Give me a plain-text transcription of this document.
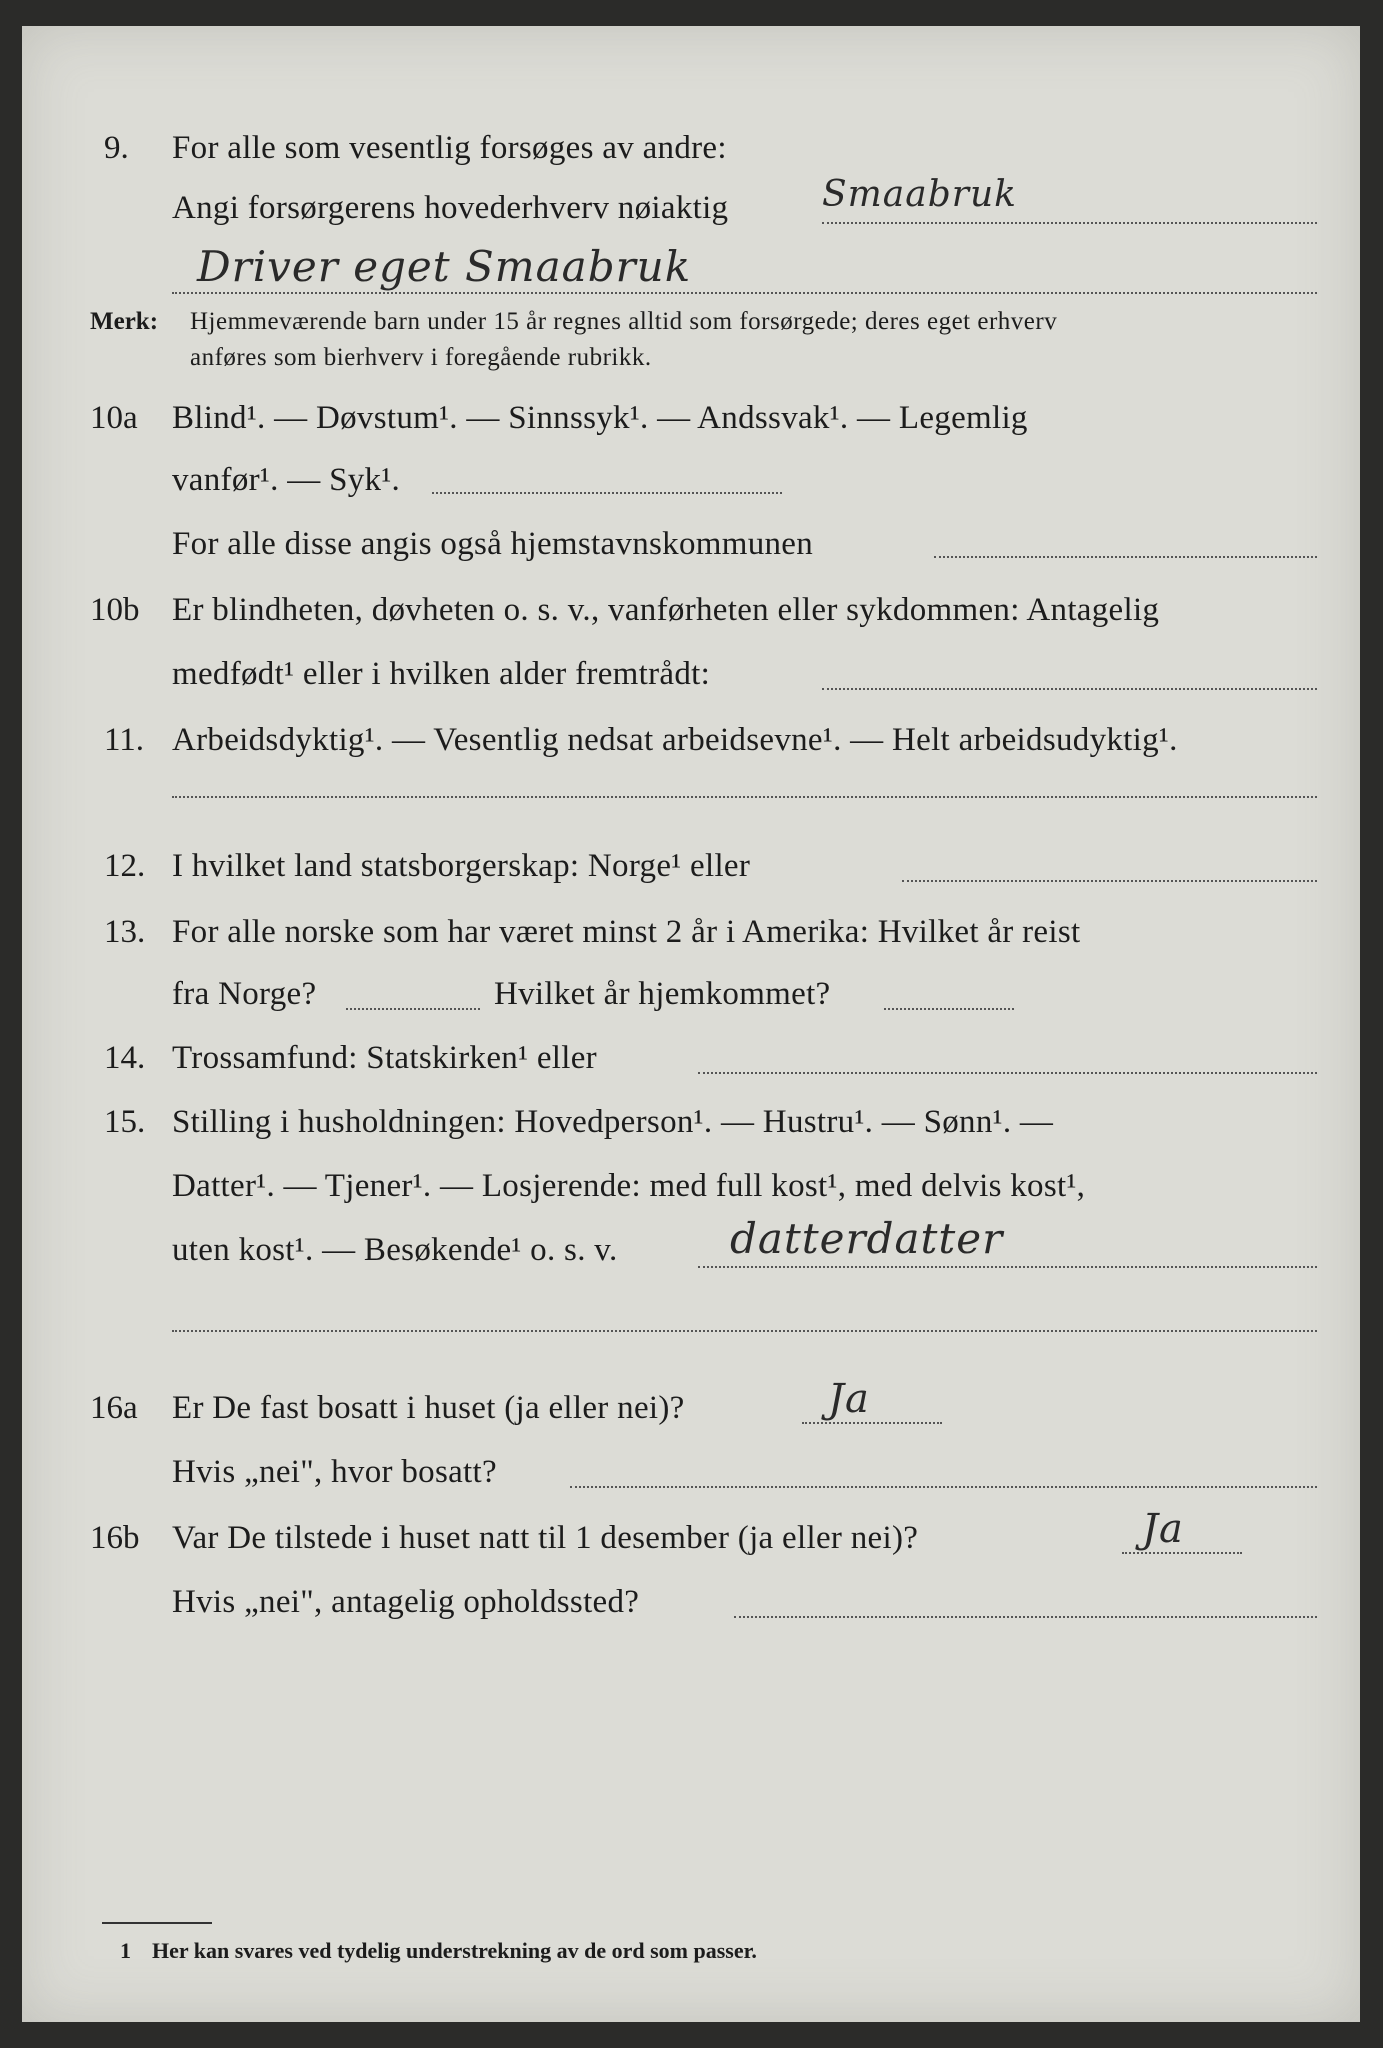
9. For alle som vesentlig forsøges av andre:
Angi forsørgerens hovederhverv nøiaktig	Smaabruk
Driver eget Smaabruk
Merk: Hjemmeværende barn under 15 år regnes alltid som forsørgede; deres eget erhverv
anføres som bierhverv i foregående rubrikk.
10a Blind¹. — Døvstum¹. — Sinnssyk¹. — Andssvak¹. — Legemlig
vanfør¹. — Syk¹.
For alle disse angis også hjemstavnskommunen
10b Er blindheten, døvheten o. s. v., vanførheten eller sykdommen: Antagelig
medfødt¹ eller i hvilken alder fremtrådt:
11. Arbeidsdyktig¹. — Vesentlig nedsat arbeidsevne¹. — Helt arbeidsudyktig¹.
12. I hvilket land statsborgerskap: Norge¹ eller
13. For alle norske som har været minst 2 år i Amerika: Hvilket år reist
fra Norge?	Hvilket år hjemkommet?
14. Trossamfund: Statskirken¹ eller
15. Stilling i husholdningen: Hovedperson¹. — Hustru¹. — Sønn¹. —
Datter¹. — Tjener¹. — Losjerende: med full kost¹, med delvis kost¹,
uten kost¹. — Besøkende¹ o. s. v.	datterdatter
16a Er De fast bosatt i huset (ja eller nei)?	Ja
Hvis „nei", hvor bosatt?
16b Var De tilstede i huset natt til 1 desember (ja eller nei)?	Ja
Hvis „nei", antagelig opholdssted?
1 Her kan svares ved tydelig understrekning av de ord som passer.
